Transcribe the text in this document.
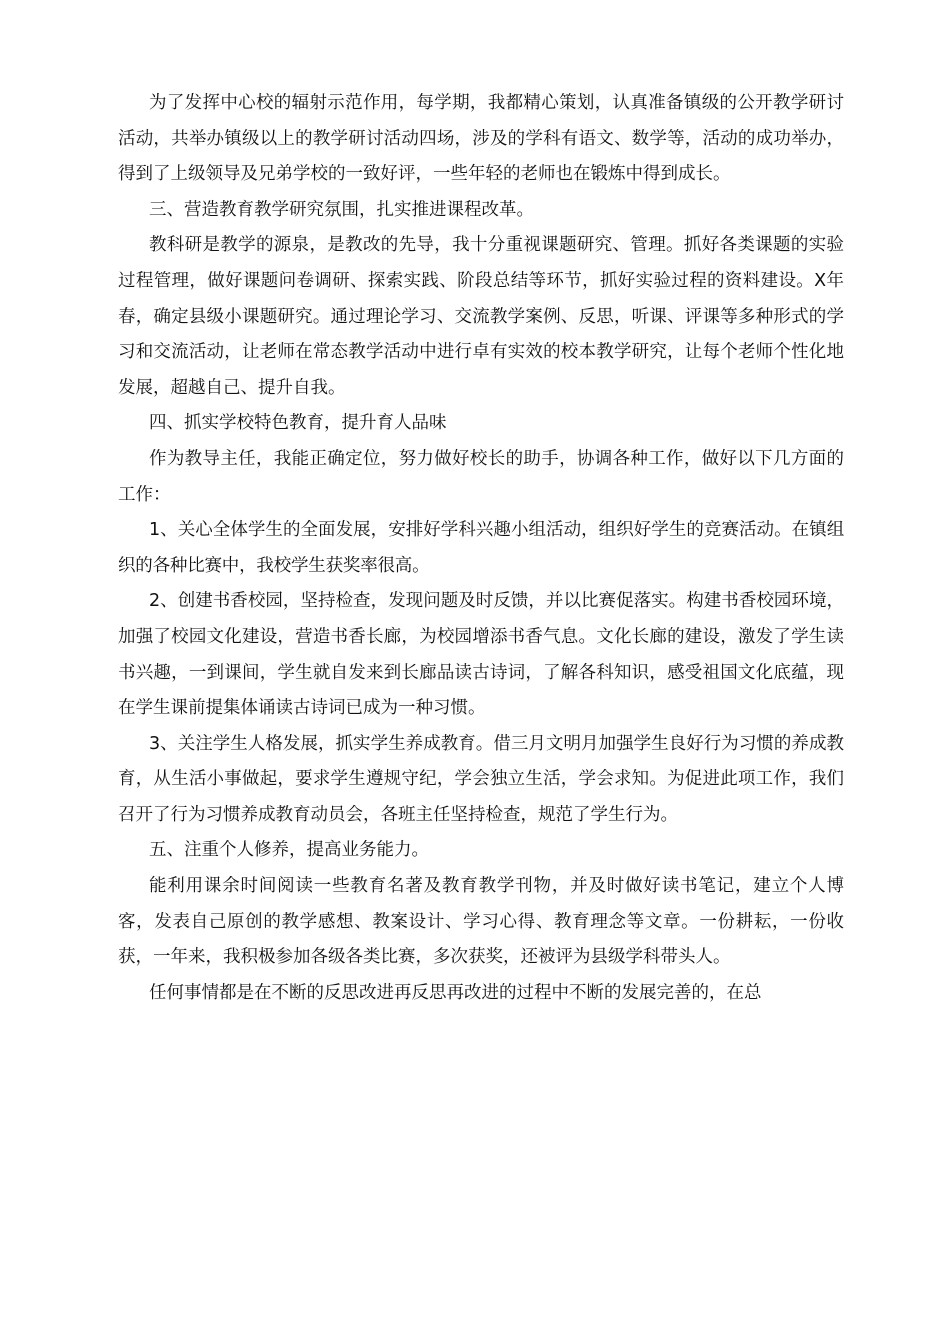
为了发挥中心校的辐射示范作用，每学期，我都精心策划，认真准备镇级的公开教学研讨活动，共举办镇级以上的教学研讨活动四场，涉及的学科有语文、数学等，活动的成功举办，得到了上级领导及兄弟学校的一致好评，一些年轻的老师也在锻炼中得到成长。

三、营造教育教学研究氛围，扎实推进课程改革。

教科研是教学的源泉，是教改的先导，我十分重视课题研究、管理。抓好各类课题的实验过程管理，做好课题问卷调研、探索实践、阶段总结等环节，抓好实验过程的资料建设。X年春，确定县级小课题研究。通过理论学习、交流教学案例、反思，听课、评课等多种形式的学习和交流活动，让老师在常态教学活动中进行卓有实效的校本教学研究，让每个老师个性化地发展，超越自己、提升自我。

四、抓实学校特色教育，提升育人品味

作为教导主任，我能正确定位，努力做好校长的助手，协调各种工作，做好以下几方面的工作：

1、关心全体学生的全面发展，安排好学科兴趣小组活动，组织好学生的竞赛活动。在镇组织的各种比赛中，我校学生获奖率很高。

2、创建书香校园，坚持检查，发现问题及时反馈，并以比赛促落实。构建书香校园环境，加强了校园文化建设，营造书香长廊，为校园增添书香气息。文化长廊的建设，激发了学生读书兴趣，一到课间，学生就自发来到长廊品读古诗词，了解各科知识，感受祖国文化底蕴，现在学生课前提集体诵读古诗词已成为一种习惯。

3、关注学生人格发展，抓实学生养成教育。借三月文明月加强学生良好行为习惯的养成教育，从生活小事做起，要求学生遵规守纪，学会独立生活，学会求知。为促进此项工作，我们召开了行为习惯养成教育动员会，各班主任坚持检查，规范了学生行为。

五、注重个人修养，提高业务能力。

能利用课余时间阅读一些教育名著及教育教学刊物，并及时做好读书笔记，建立个人博客，发表自己原创的教学感想、教案设计、学习心得、教育理念等文章。一份耕耘，一份收获，一年来，我积极参加各级各类比赛，多次获奖，还被评为县级学科带头人。

任何事情都是在不断的反思改进再反思再改进的过程中不断的发展完善的，在总
